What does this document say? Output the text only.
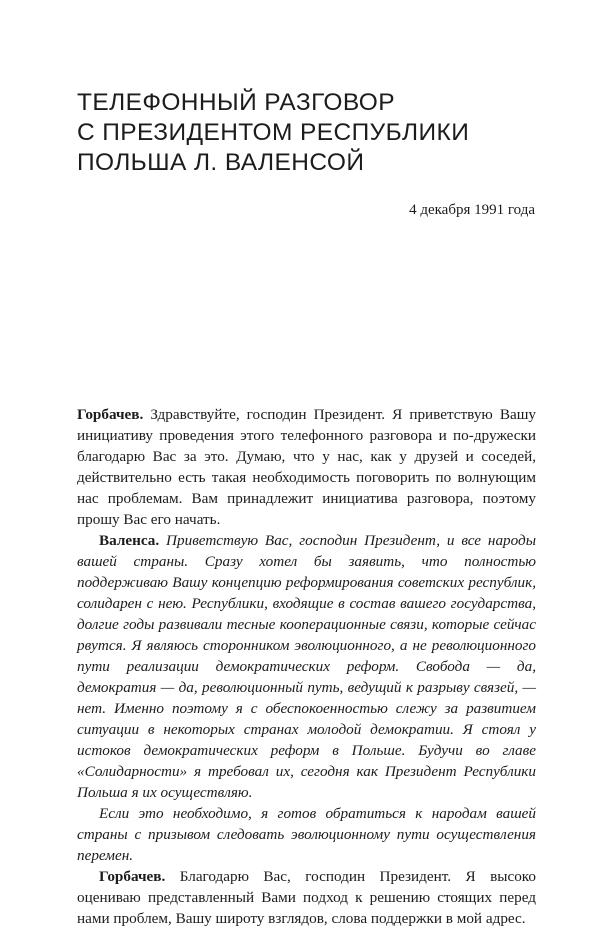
ТЕЛЕФОННЫЙ РАЗГОВОР
С ПРЕЗИДЕНТОМ РЕСПУБЛИКИ
ПОЛЬША Л. ВАЛЕНСОЙ
4 декабря 1991 года

Горбачев. Здравствуйте, господин Президент. Я приветствую Вашу инициативу проведения этого телефонного разговора и по-дружески благодарю Вас за это. Думаю, что у нас, как у друзей и соседей, действительно есть такая необходимость поговорить по волнующим нас проблемам. Вам принадлежит инициатива разговора, поэтому прошу Вас его начать.

Валенса. Приветствую Вас, господин Президент, и все народы вашей страны. Сразу хотел бы заявить, что полностью поддерживаю Вашу концепцию реформирования советских республик, солидарен с нею. Республики, входящие в состав вашего государства, долгие годы развивали тесные кооперационные связи, которые сейчас рвутся. Я являюсь сторонником эволюционного, а не революционного пути реализации демократических реформ. Свобода — да, демократия — да, революционный путь, ведущий к разрыву связей, — нет. Именно поэтому я с обеспокоенностью слежу за развитием ситуации в некоторых странах молодой демократии. Я стоял у истоков демократических реформ в Польше. Будучи во главе «Солидарности» я требовал их, сегодня как Президент Республики Польша я их осуществляю.

Если это необходимо, я готов обратиться к народам вашей страны с призывом следовать эволюционному пути осуществления перемен.

Горбачев. Благодарю Вас, господин Президент. Я высоко оцениваю представленный Вами подход к решению стоящих перед нами проблем, Вашу широту взглядов, слова поддержки в мой адрес.
